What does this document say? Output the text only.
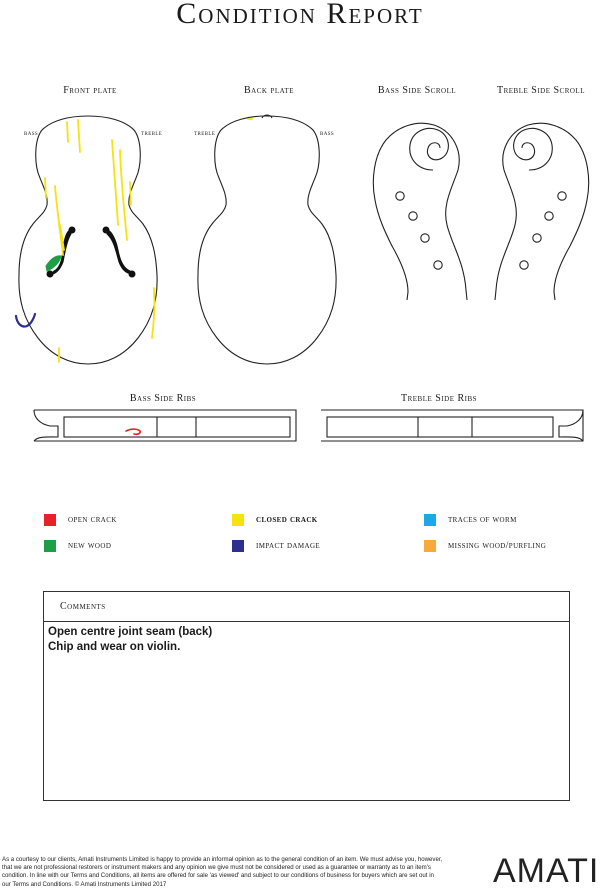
Condition Report
Front plate	Back plate	Bass Side Scroll	Treble Side Scroll
Bass Side Ribs	Treble Side Ribs
bass	treble	treble	bass
open crack	closed crack	traces of worm
new wood	impact damage	missing wood/purfling
Comments
Open centre joint seam (back)
Chip and wear on violin.
As a courtesy to our clients, Amati Instruments Limited is happy to provide an informal opinion as to the general condition of an item. We must advise you, however, that we are not professional restorers or instrument makers and any opinion we give must not be considered or used as a guarantee or warranty as to an item's condition. In line with our Terms and Conditions, all items are offered for sale 'as viewed' and subject to our conditions of business for buyers which are set out in our Terms and Conditions. © Amati Instruments Limited 2017	AMATI
